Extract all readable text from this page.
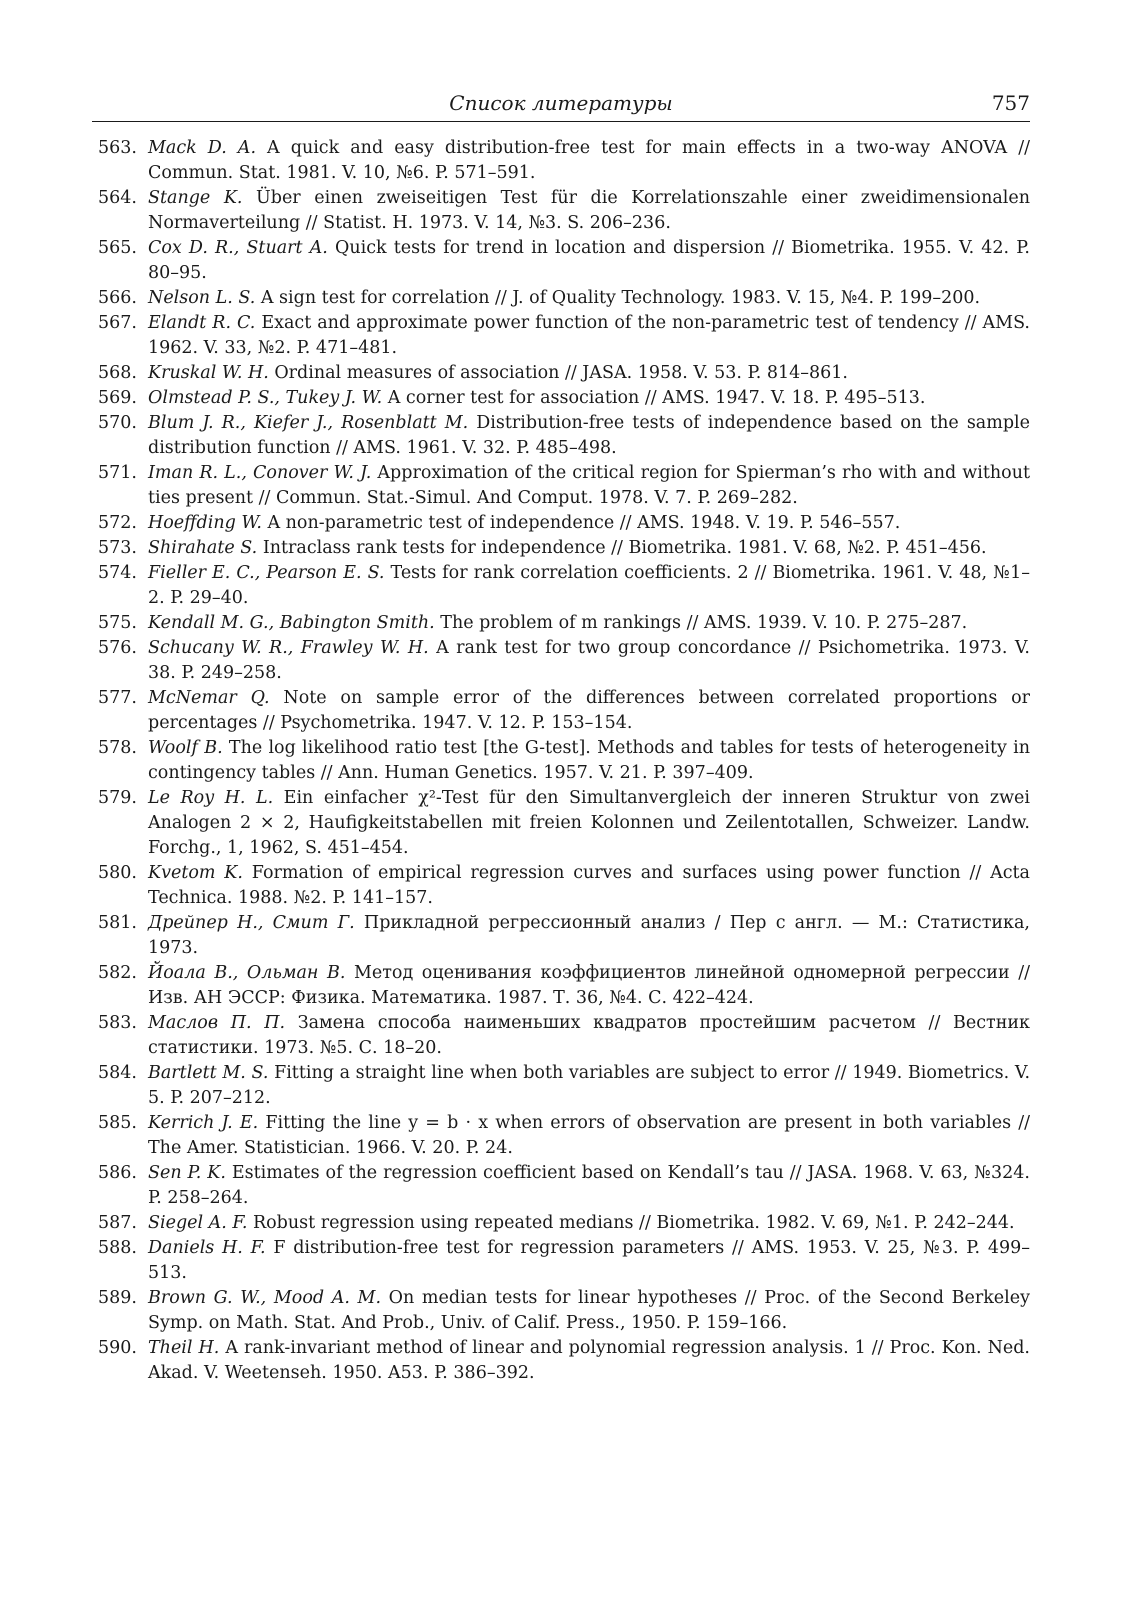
Список литературы	757
563. Mack D. A. A quick and easy distribution-free test for main effects in a two-way ANOVA // Commun. Stat. 1981. V. 10, №6. P. 571–591.
564. Stange K. Über einen zweiseitigen Test für die Korrelationszahle einer zweidimensionalen Normaverteilung // Statist. H. 1973. V. 14, №3. S. 206–236.
565. Cox D. R., Stuart A. Quick tests for trend in location and dispersion // Biometrika. 1955. V. 42. P. 80–95.
566. Nelson L. S. A sign test for correlation // J. of Quality Technology. 1983. V. 15, №4. P. 199–200.
567. Elandt R. C. Exact and approximate power function of the non-parametric test of tendency // AMS. 1962. V. 33, №2. P. 471–481.
568. Kruskal W. H. Ordinal measures of association // JASA. 1958. V. 53. P. 814–861.
569. Olmstead P. S., Tukey J. W. A corner test for association // AMS. 1947. V. 18. P. 495–513.
570. Blum J. R., Kiefer J., Rosenblatt M. Distribution-free tests of independence based on the sample distribution function // AMS. 1961. V. 32. P. 485–498.
571. Iman R. L., Conover W. J. Approximation of the critical region for Spierman’s rho with and without ties present // Commun. Stat.-Simul. And Comput. 1978. V. 7. P. 269–282.
572. Hoeffding W. A non-parametric test of independence // AMS. 1948. V. 19. P. 546–557.
573. Shirahate S. Intraclass rank tests for independence // Biometrika. 1981. V. 68, №2. P. 451–456.
574. Fieller E. C., Pearson E. S. Tests for rank correlation coefficients. 2 // Biometrika. 1961. V. 48, №1–2. P. 29–40.
575. Kendall M. G., Babington Smith. The problem of m rankings // AMS. 1939. V. 10. P. 275–287.
576. Schucany W. R., Frawley W. H. A rank test for two group concordance // Psichometrika. 1973. V. 38. P. 249–258.
577. McNemar Q. Note on sample error of the differences between correlated proportions or percentages // Psychometrika. 1947. V. 12. P. 153–154.
578. Woolf B. The log likelihood ratio test [the G-test]. Methods and tables for tests of heterogeneity in contingency tables // Ann. Human Genetics. 1957. V. 21. P. 397–409.
579. Le Roy H. L. Ein einfacher χ²-Test für den Simultanvergleich der inneren Struktur von zwei Analogen 2 × 2, Haufigkeitstabellen mit freien Kolonnen und Zeilentotallen, Schweizer. Landw. Forchg., 1, 1962, S. 451–454.
580. Kvetom K. Formation of empirical regression curves and surfaces using power function // Acta Technica. 1988. №2. P. 141–157.
581. Дрейпер Н., Смит Г. Прикладной регрессионный анализ / Пер с англ. — М.: Статистика, 1973.
582. Йоала В., Ольман В. Метод оценивания коэффициентов линейной одномерной регрессии // Изв. АН ЭССР: Физика. Математика. 1987. Т. 36, №4. С. 422–424.
583. Маслов П. П. Замена способа наименьших квадратов простейшим расчетом // Вестник статистики. 1973. №5. С. 18–20.
584. Bartlett M. S. Fitting a straight line when both variables are subject to error // 1949. Biometrics. V. 5. P. 207–212.
585. Kerrich J. E. Fitting the line y = b · x when errors of observation are present in both variables // The Amer. Statistician. 1966. V. 20. P. 24.
586. Sen P. K. Estimates of the regression coefficient based on Kendall’s tau // JASA. 1968. V. 63, №324. P. 258–264.
587. Siegel A. F. Robust regression using repeated medians // Biometrika. 1982. V. 69, №1. P. 242–244.
588. Daniels H. F. F distribution-free test for regression parameters // AMS. 1953. V. 25, №3. P. 499–513.
589. Brown G. W., Mood A. M. On median tests for linear hypotheses // Proc. of the Second Berkeley Symp. on Math. Stat. And Prob., Univ. of Calif. Press., 1950. P. 159–166.
590. Theil H. A rank-invariant method of linear and polynomial regression analysis. 1 // Proc. Kon. Ned. Akad. V. Weetenseh. 1950. A53. P. 386–392.
